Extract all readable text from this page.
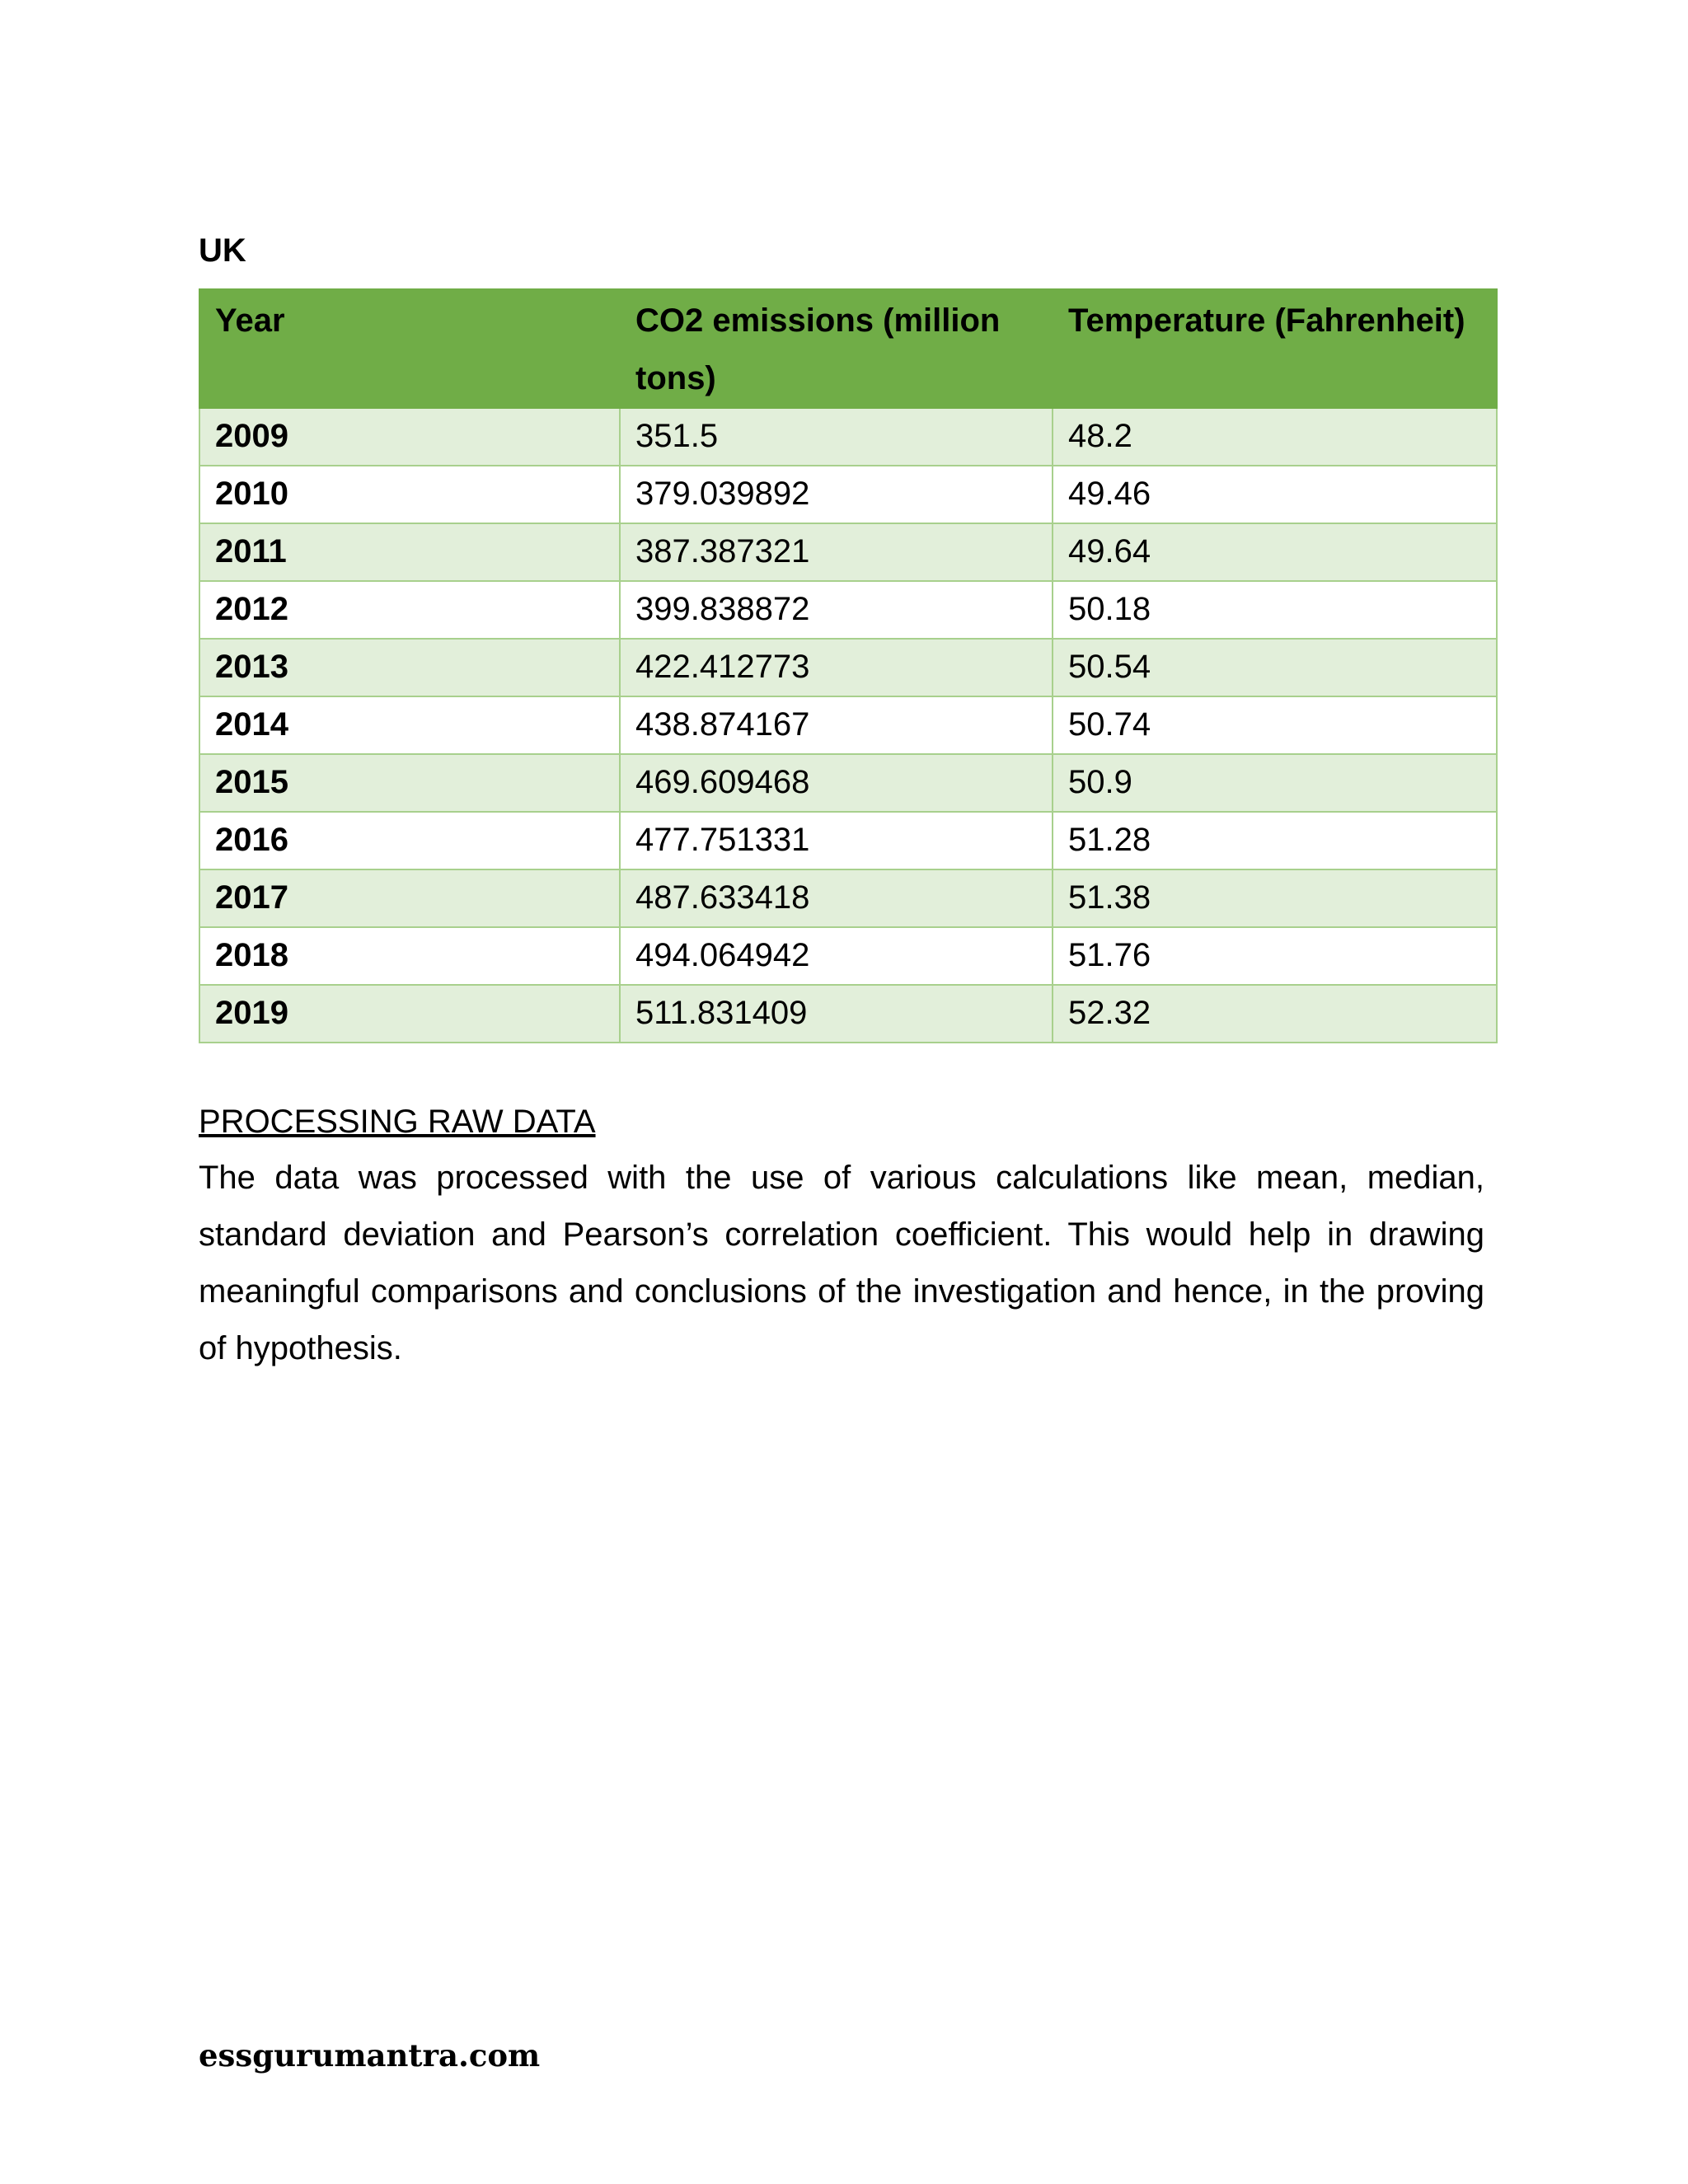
UK
Year	CO2 emissions (million tons)	Temperature (Fahrenheit)
2009	351.5	48.2
2010	379.039892	49.46
2011	387.387321	49.64
2012	399.838872	50.18
2013	422.412773	50.54
2014	438.874167	50.74
2015	469.609468	50.9
2016	477.751331	51.28
2017	487.633418	51.38
2018	494.064942	51.76
2019	511.831409	52.32
PROCESSING RAW DATA

The data was processed with the use of various calculations like mean, median, standard deviation and Pearson’s correlation coefficient. This would help in drawing meaningful comparisons and conclusions of the investigation and hence, in the proving of hypothesis.

essgurumantra.com
